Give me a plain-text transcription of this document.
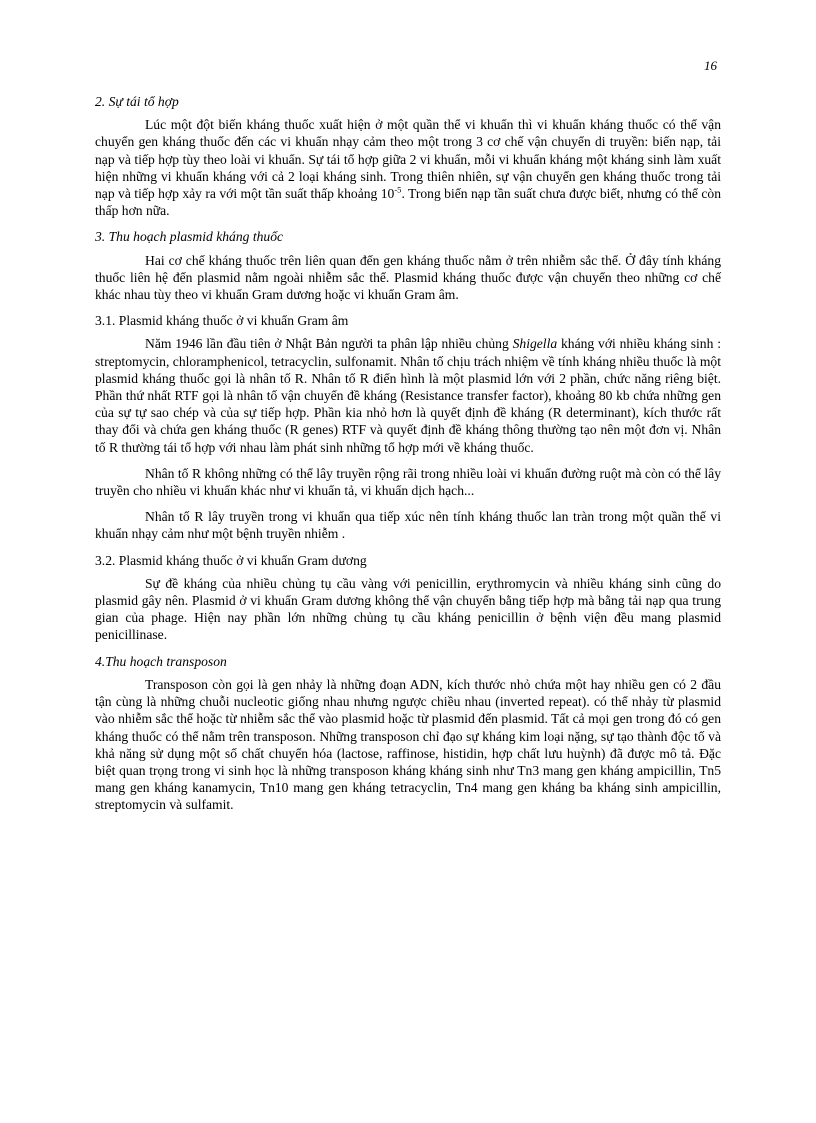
16
2. Sự tái tổ hợp

Lúc một đột biến kháng thuốc xuất hiện ở một quần thể vi khuẩn thì vi khuẩn kháng thuốc có thể vận chuyển gen kháng thuốc đến các vi khuẩn nhạy cảm theo một trong 3 cơ chế vận chuyển di truyền: biến nạp, tải nạp và tiếp hợp tùy theo loài vi khuẩn. Sự tái tổ hợp giữa 2 vi khuẩn, mỗi vi khuẩn kháng một kháng sinh làm xuất hiện những vi khuẩn kháng với cả 2 loại kháng sinh. Trong thiên nhiên, sự vận chuyển gen kháng thuốc trong tải nạp và tiếp hợp xảy ra với một tần suất thấp khoảng $10^{-5}$. Trong biến nạp tần suất chưa được biết, nhưng có thể còn thấp hơn nữa.

3. Thu hoạch plasmid kháng thuốc

Hai cơ chế kháng thuốc trên liên quan đến gen kháng thuốc nằm ở trên nhiễm sắc thể. Ở đây tính kháng thuốc liên hệ đến plasmid nằm ngoài nhiễm sắc thể. Plasmid kháng thuốc được vận chuyển theo những cơ chế khác nhau tùy theo vi khuẩn Gram dương hoặc vi khuẩn Gram âm.

3.1. Plasmid kháng thuốc ở vi khuẩn Gram âm

Năm 1946 lần đầu tiên ở Nhật Bản người ta phân lập nhiều chủng Shigella kháng với nhiều kháng sinh : streptomycin, chloramphenicol, tetracyclin, sulfonamit. Nhân tố chịu trách nhiệm về tính kháng nhiều thuốc là một plasmid kháng thuốc gọi là nhân tố R. Nhân tố R điển hình là một plasmid lớn với 2 phần, chức năng riêng biệt. Phần thứ nhất RTF gọi là nhân tố vận chuyển đề kháng (Resistance transfer factor), khoảng 80 kb chứa những gen của sự tự sao chép và của sự tiếp hợp. Phần kia nhỏ hơn là quyết định đề kháng (R determinant), kích thước rất thay đổi và chứa gen kháng thuốc (R genes) RTF và quyết định đề kháng thông thường tạo nên một đơn vị. Nhân tố R thường tái tổ hợp với nhau làm phát sinh những tổ hợp mới về kháng thuốc.

Nhân tố R không những có thể lây truyền rộng rãi trong nhiều loài vi khuẩn đường ruột mà còn có thể lây truyền cho nhiều vi khuẩn khác như vi khuẩn tả, vi khuẩn dịch hạch...

Nhân tố R lây truyền trong vi khuẩn qua tiếp xúc nên tính kháng thuốc lan tràn trong một quần thể vi khuẩn nhạy cảm như một bệnh truyền nhiễm .

3.2. Plasmid kháng thuốc ở vi khuẩn Gram dương

Sự đề kháng của nhiều chủng tụ cầu vàng với penicillin, erythromycin và nhiều kháng sinh cũng do plasmid gây nên. Plasmid ở vi khuẩn Gram dương không thể vận chuyển bằng tiếp hợp mà bằng tải nạp qua trung gian của phage. Hiện nay phần lớn những chủng tụ cầu kháng penicillin ở bệnh viện đều mang plasmid penicillinase.

4.Thu hoạch transposon

Transposon còn gọi là gen nhảy là những đoạn ADN, kích thước nhỏ chứa một hay nhiều gen có 2 đầu tận cùng là những chuỗi nucleotic giống nhau nhưng ngược chiều nhau (inverted repeat). có thể nhảy từ plasmid vào nhiễm sắc thể hoặc từ nhiễm sắc thể vào plasmid hoặc từ plasmid đến plasmid. Tất cả mọi gen trong đó có gen kháng thuốc có thể nằm trên transposon. Những transposon chỉ đạo sự kháng kim loại nặng, sự tạo thành độc tố và khả năng sử dụng một số chất chuyển hóa (lactose, raffinose, histidin, hợp chất lưu huỳnh) đã được mô tả. Đặc biệt quan trọng trong vi sinh học là những transposon kháng kháng sinh như Tn3 mang gen kháng ampicillin, Tn5 mang gen kháng kanamycin, Tn10 mang gen kháng tetracyclin, Tn4 mang gen kháng ba kháng sinh ampicillin, streptomycin và sulfamit.
